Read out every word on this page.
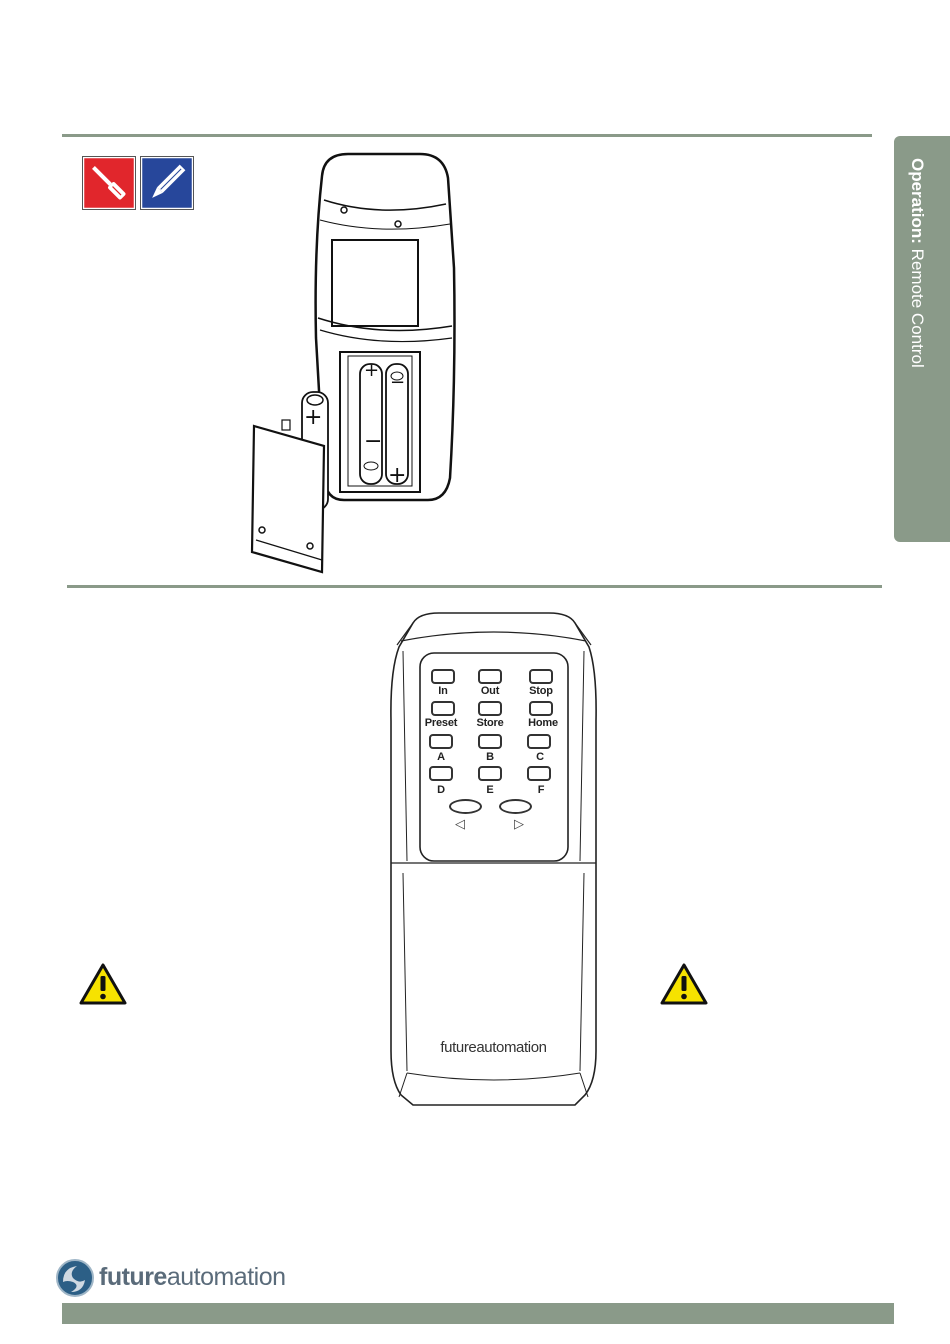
Operation: Remote Control
+
+
+
−
−
In	Out	Stop
Preset	Store	Home
A	B	C
D	E	F
◁	▷
futureautomation
futureautomation
